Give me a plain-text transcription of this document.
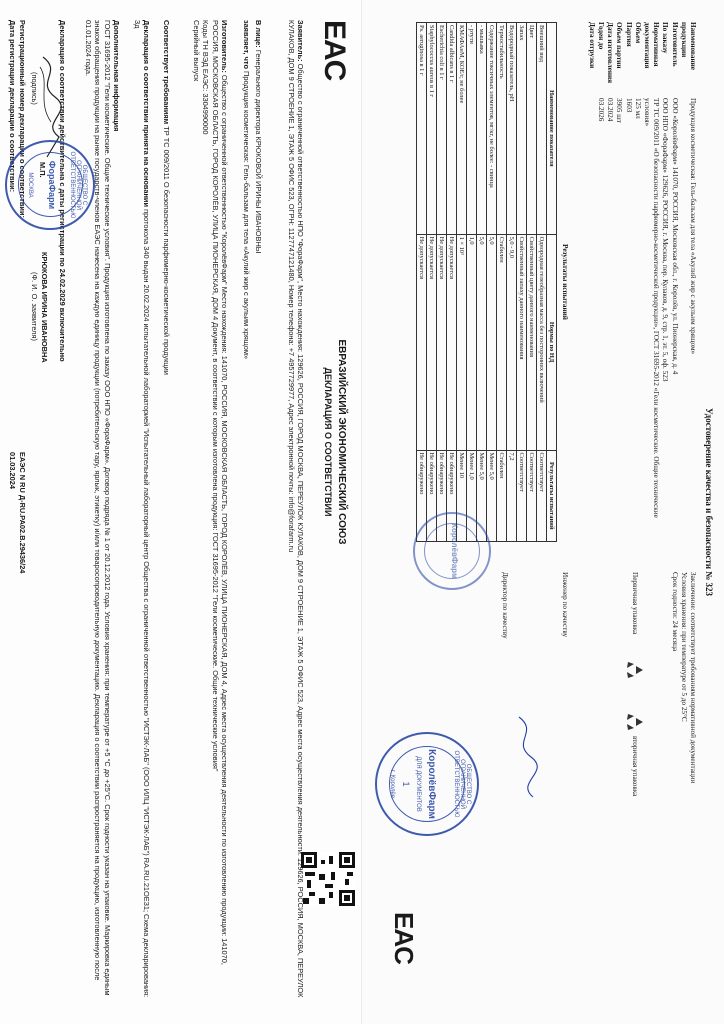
EAC
ЕВРАЗИЙСКИЙ ЭКОНОМИЧЕСКИЙ СОЮЗ
ДЕКЛАРАЦИЯ О СООТВЕТСТВИИ
Заявитель: Общество с ограниченной ответственностью НПО "ФораФарм", Место нахождения: 129626, РОССИЯ, ГОРОД МОСКВА, ПЕРЕУЛОК КУЛАКОВ, ДОМ 9 СТРОЕНИЕ 1, ЭТАЖ 5 ОФИС 523, Адрес места осуществления деятельности: 129626, РОССИЯ, МОСКВА, ПЕРЕУЛОК КУЛАКОВ, ДОМ 9 СТРОЕНИЕ 1, ЭТАЖ 5 ОФИС 523, ОГРН: 1127747121480, Номер телефона: +7 4957729977, Адрес электронной почты: info@forafarm.ru
В лице: Генерального директора КРЮКОВОЙ ИРИНЫ ИВАНОВНЫ
заявляет, что Продукция косметическая: Гель-бальзам для тела «Акулий жир с акульим хрящом»
Изготовитель: Общество с ограниченной ответственностью "КоролёвФарм" Место нахождения: 141070, РОССИЯ, МОСКОВСКАЯ ОБЛАСТЬ, ГОРОД КОРОЛЁВ, УЛИЦА ПИОНЕРСКАЯ, ДОМ 4, Адрес места осуществления деятельности по изготовлению продукции: 141070, РОССИЯ, МОСКОВСКАЯ ОБЛАСТЬ, ГОРОД КОРОЛЁВ, УЛИЦА ПИОНЕРСКАЯ, ДОМ 4 Документ, в соответствии с которым изготовлена продукция: ГОСТ 31695-2012 "Гели косметические. Общие технические условия"
Коды ТН ВЭД ЕАЭС: 3304990000
Серийный выпуск
Соответствует требованиям ТР ТС 009/2011 О безопасности парфюмерно-косметической продукции
Декларация о соответствии принята на основании протокола 340 выдан 20.02.2024 испытательной лабораторией "Испытательный лабораторный центр Общества с ограниченной ответственностью "ИСТЭК-ЛАБ" (ООО ИЛЦ "ИСТЭК-ЛАБ") RA.RU.21ОЕ31; Схема декларирования: 3д
Дополнительная информация
ГОСТ 31695-2012 "Гели косметические. Общие технические условия". Продукция изготовлена по заказу ООО НПО «ФораФарм». Договор подряда № 1 от 20.12.2012 года. Условия хранения: при температуре от +5 °С до +25°С. Срок годности указан на упаковке. Маркировка единым знаком обращения продукции на рынке государств-членов ЕАЭС нанесена на каждую единицу продукции (потребительскую тару, ярлык, этикетку) и/или товаросопроводительную документацию. Декларация о соответствии распространяется на продукцию, изготовленную после 01.01.2024 года.
Декларация о соответствии действительна с даты регистрации по 24.02.2029 включительно
(подпись)
М.П.
КРЮКОВА ИРИНА ИВАНОВНА
(Ф. И. О. заявителя)
Регистрационный номер декларации о соответствии:
ЕАЭС N RU Д-RU.РА02.В.29436/24
Дата регистрации декларации о соответствии:
01.03.2024
ОБЩЕСТВО С ОГРАНИЧЕННОЙ ОТВЕТСТВЕННОСТЬЮ
ФораФарм
МОСКВА
Удостоверение качества и безопасности № 323
Наименование продукции
Продукция косметическая: Гель-бальзам для тела «Акулий жир с акульим хрящом»
Изготовитель
ООО «КоролёвФарм» 141070, РОССИЯ, Московская обл., г. Королёв, ул. Пионерская, д. 4
По заказу
ООО НПО «ФораФарм» 129626, РОССИЯ, г. Москва, пер. Кулаков, д. 9, стр. 1, эт. 5, оф. 523
Нормативная документация
ТР ТС 009/2011 «О безопасности парфюмерно-косметической продукции», ГОСТ 31695-2012 «Гели косметические. Общие технические условия»
Объем
125 мл
Партия
1603
Объем партии
3905 шт
Дата изготовления
03.2024
Годен до
03.2026
Дата отгрузки
Результаты испытаний
Наименование показателя	Нормы по НД	Результаты испытаний
Внешний вид	Однородная гелеобразная масса без посторонних включений	Соответствует
Цвет	Свойственный цвету данного наименования	Соответствует
Запах	Свойственный запаху данного наименования	Соответствует
Водородный показатель, pH	5,0 - 9,0	7,2
Термостабильность	Стабилен	Стабилен
Содержание токсичных элементов, мг/кг, не более: - свинца	5,0	Менее 5,0
- мышьяка	5,0	Менее 5,0
- ртути	1,0	Менее 1,0
КМАФАнМ, КОЕ/г, не более	1 × 10³	Менее 10
Candida albicans в 1 г	Не допускается	Не обнаружено
Escherichia coli в 1 г	Не допускается	Не обнаружено
Staphylococcus aureus в 1 г	Не допускается	Не обнаружено
Ps. aeruginosa в 1 г	Не допускается	Не обнаружено
Заключение: соответствует требованиям нормативной документации
Условия хранения: при температуре от 5 до 25°С
Срок годности: 24 месяца
Первичная упаковка
вторичная упаковка
Инженер по качеству
Директор по качеству
КоролёвФарм
ОБЩЕСТВО С ОГРАНИЧЕННОЙ ОТВЕТСТВЕННОСТЬЮ
КоролёвФарм
ДЛЯ ДОКУМЕНТОВ
1
г. Королёв
EAC
